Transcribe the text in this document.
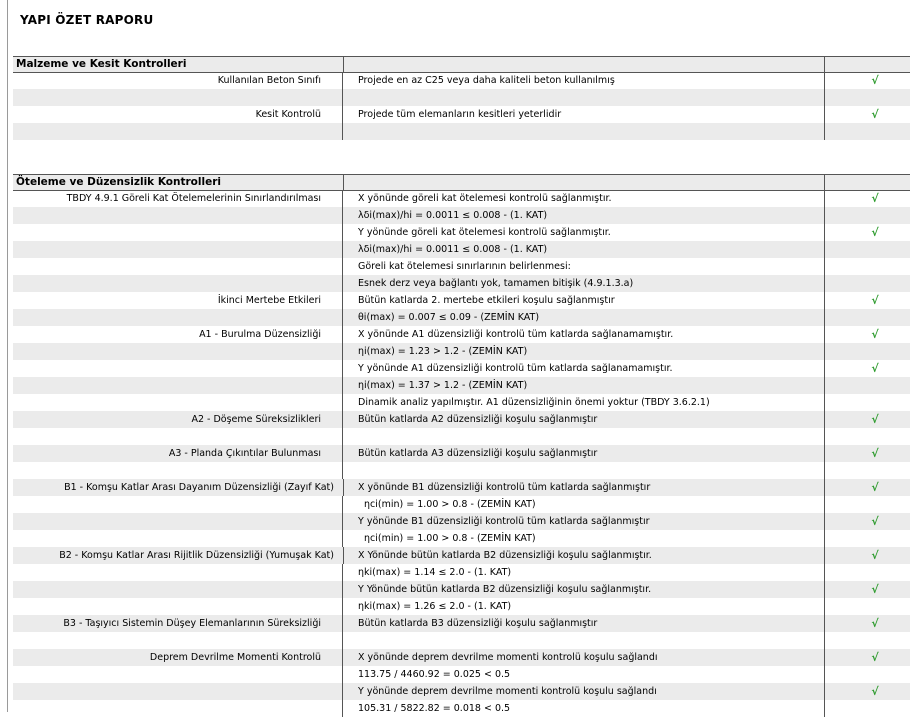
YAPI ÖZET RAPORU
Malzeme ve Kesit Kontrolleri
Kullanılan Beton Sınıfı	Projede en az C25 veya daha kaliteli beton kullanılmış	√
Kesit Kontrolü	Projede tüm elemanların kesitleri yeterlidir	√
Öteleme ve Düzensizlik Kontrolleri
TBDY 4.9.1 Göreli Kat Ötelemelerinin Sınırlandırılması	X yönünde göreli kat ötelemesi kontrolü sağlanmıştır.	√
λδi(max)/hi = 0.0011 ≤ 0.008 - (1. KAT)
Y yönünde göreli kat ötelemesi kontrolü sağlanmıştır.	√
λδi(max)/hi = 0.0011 ≤ 0.008 - (1. KAT)
Göreli kat ötelemesi sınırlarının belirlenmesi:
Esnek derz veya bağlantı yok, tamamen bitişik (4.9.1.3.a)
İkinci Mertebe Etkileri	Bütün katlarda 2. mertebe etkileri koşulu sağlanmıştır	√
θi(max) = 0.007 ≤ 0.09 - (ZEMİN KAT)
A1 - Burulma Düzensizliği	X yönünde A1 düzensizliği kontrolü tüm katlarda sağlanamamıştır.	√
ηi(max) = 1.23 > 1.2 - (ZEMİN KAT)
Y yönünde A1 düzensizliği kontrolü tüm katlarda sağlanamamıştır.	√
ηi(max) = 1.37 > 1.2 - (ZEMİN KAT)
Dinamik analiz yapılmıştır. A1 düzensizliğinin önemi yoktur (TBDY 3.6.2.1)
A2 - Döşeme Süreksizlikleri	Bütün katlarda A2 düzensizliği koşulu sağlanmıştır	√
A3 - Planda Çıkıntılar Bulunması	Bütün katlarda A3 düzensizliği koşulu sağlanmıştır	√
B1 - Komşu Katlar Arası Dayanım Düzensizliği (Zayıf Kat)	X yönünde B1 düzensizliği kontrolü tüm katlarda sağlanmıştır	√
ηci(min) = 1.00 > 0.8 - (ZEMİN KAT)
Y yönünde B1 düzensizliği kontrolü tüm katlarda sağlanmıştır	√
ηci(min) = 1.00 > 0.8 - (ZEMİN KAT)
B2 - Komşu Katlar Arası Rijitlik Düzensizliği (Yumuşak Kat)	X Yönünde bütün katlarda B2 düzensizliği koşulu sağlanmıştır.	√
ηki(max) = 1.14 ≤ 2.0 - (1. KAT)
Y Yönünde bütün katlarda B2 düzensizliği koşulu sağlanmıştır.	√
ηki(max) = 1.26 ≤ 2.0 - (1. KAT)
B3 - Taşıyıcı Sistemin Düşey Elemanlarının Süreksizliği	Bütün katlarda B3 düzensizliği koşulu sağlanmıştır	√
Deprem Devrilme Momenti Kontrolü	X yönünde deprem devrilme momenti kontrolü koşulu sağlandı	√
113.75 / 4460.92 = 0.025 < 0.5
Y yönünde deprem devrilme momenti kontrolü koşulu sağlandı	√
105.31 / 5822.82 = 0.018 < 0.5
